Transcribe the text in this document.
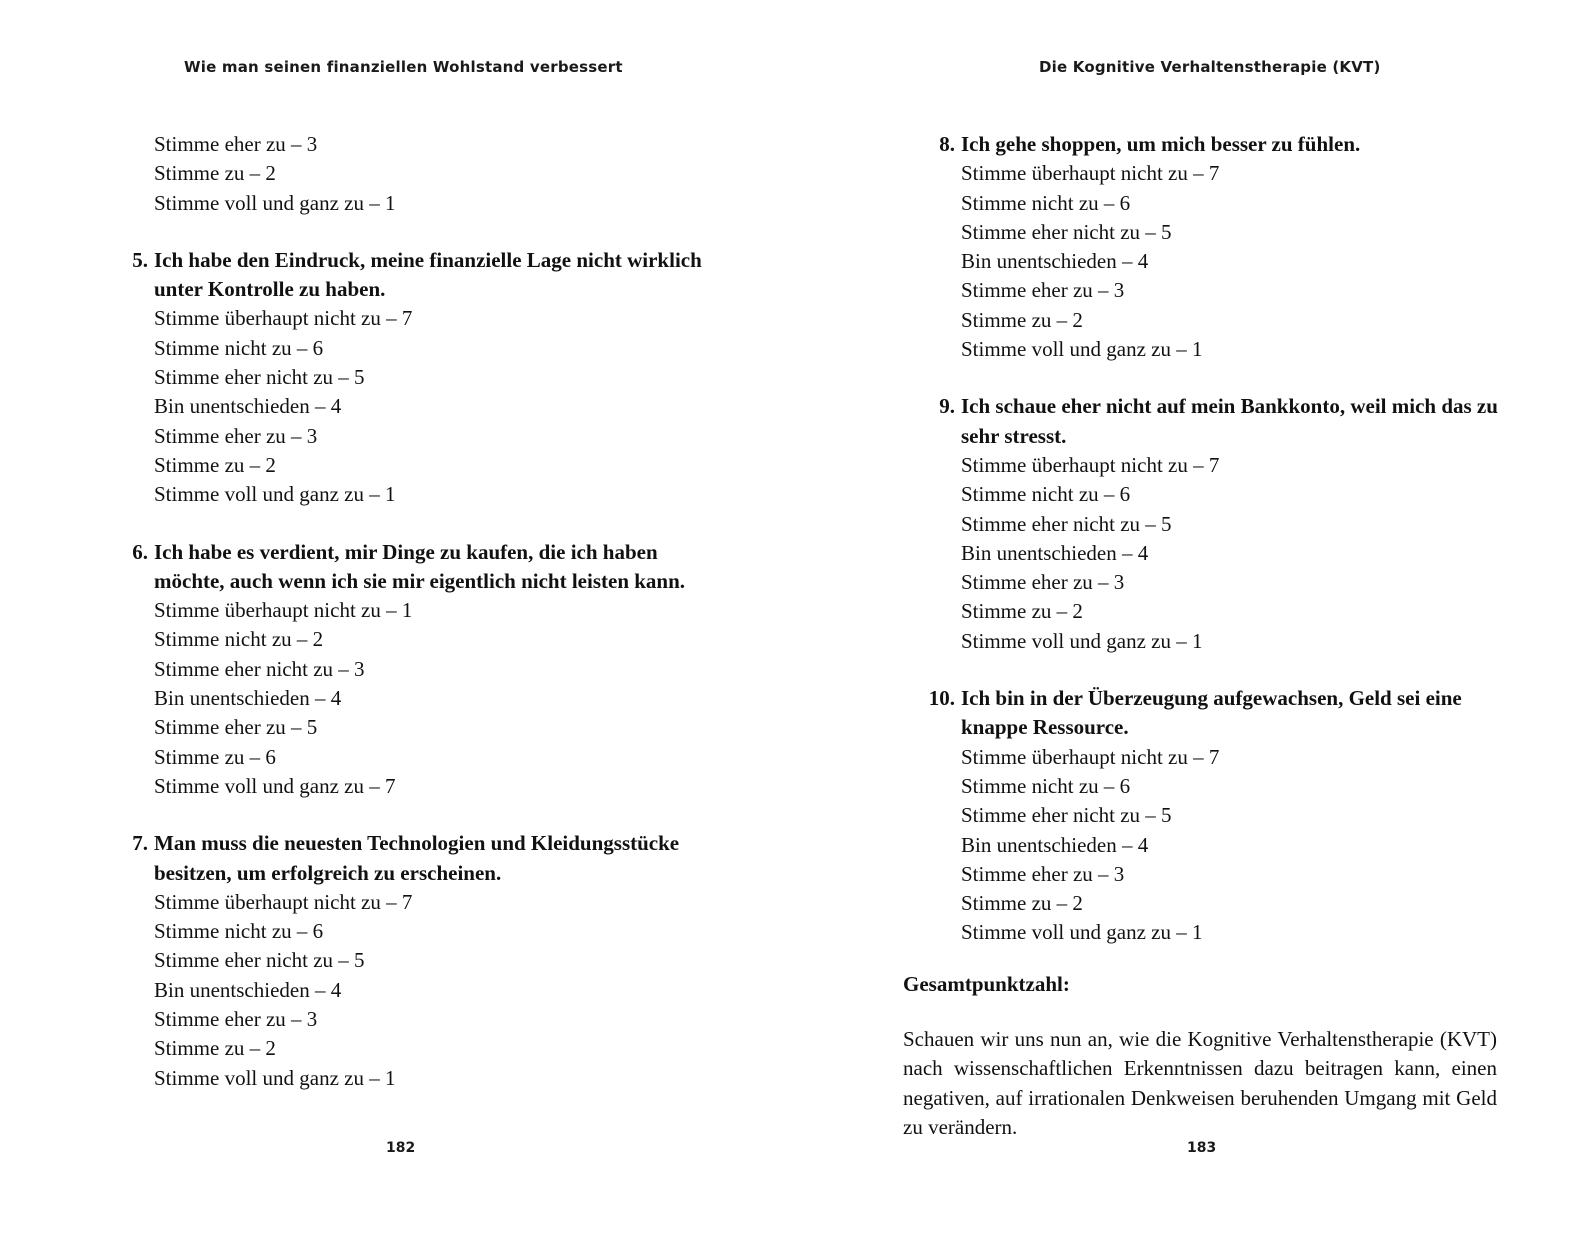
Wie man seinen finanziellen Wohlstand verbessert
Stimme eher zu – 3
Stimme zu – 2
Stimme voll und ganz zu – 1
5. Ich habe den Eindruck, meine finanzielle Lage nicht wirklich unter Kontrolle zu haben.
Stimme überhaupt nicht zu – 7
Stimme nicht zu – 6
Stimme eher nicht zu – 5
Bin unentschieden – 4
Stimme eher zu – 3
Stimme zu – 2
Stimme voll und ganz zu – 1
6. Ich habe es verdient, mir Dinge zu kaufen, die ich haben möchte, auch wenn ich sie mir eigentlich nicht leisten kann.
Stimme überhaupt nicht zu – 1
Stimme nicht zu – 2
Stimme eher nicht zu – 3
Bin unentschieden – 4
Stimme eher zu – 5
Stimme zu – 6
Stimme voll und ganz zu – 7
7. Man muss die neuesten Technologien und Kleidungsstücke besitzen, um erfolgreich zu erscheinen.
Stimme überhaupt nicht zu – 7
Stimme nicht zu – 6
Stimme eher nicht zu – 5
Bin unentschieden – 4
Stimme eher zu – 3
Stimme zu – 2
Stimme voll und ganz zu – 1
182
Die Kognitive Verhaltenstherapie (KVT)
8. Ich gehe shoppen, um mich besser zu fühlen.
Stimme überhaupt nicht zu – 7
Stimme nicht zu – 6
Stimme eher nicht zu – 5
Bin unentschieden – 4
Stimme eher zu – 3
Stimme zu – 2
Stimme voll und ganz zu – 1
9. Ich schaue eher nicht auf mein Bankkonto, weil mich das zu sehr stresst.
Stimme überhaupt nicht zu – 7
Stimme nicht zu – 6
Stimme eher nicht zu – 5
Bin unentschieden – 4
Stimme eher zu – 3
Stimme zu – 2
Stimme voll und ganz zu – 1
10. Ich bin in der Überzeugung aufgewachsen, Geld sei eine knappe Ressource.
Stimme überhaupt nicht zu – 7
Stimme nicht zu – 6
Stimme eher nicht zu – 5
Bin unentschieden – 4
Stimme eher zu – 3
Stimme zu – 2
Stimme voll und ganz zu – 1
Gesamtpunktzahl:

Schauen wir uns nun an, wie die Kognitive Verhaltenstherapie (KVT) nach wissenschaftlichen Erkenntnissen dazu beitragen kann, einen negativen, auf irrationalen Denkweisen beruhenden Umgang mit Geld zu verändern.

183
